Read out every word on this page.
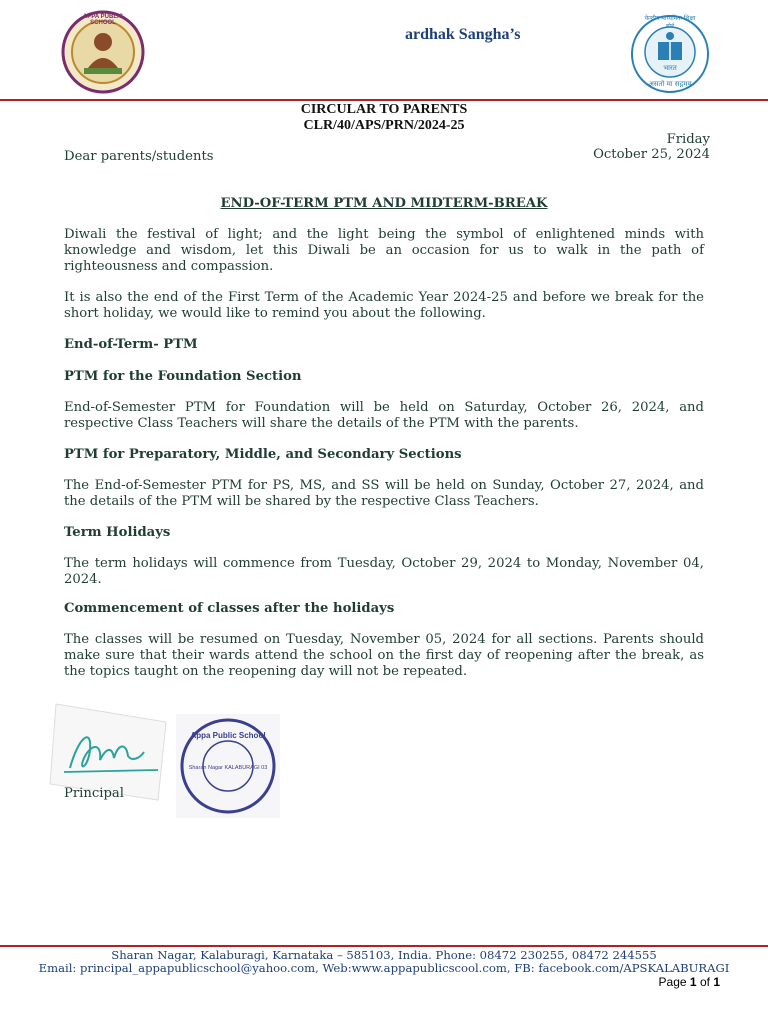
APPA PUBLIC SCHOOL
ardhak Sangha’s
केन्द्रीय माध्यमिक शिक्षा बोर्ड
भारत
असतो मा सद्गमय
CIRCULAR TO PARENTS
CLR/40/APS/PRN/2024-25
Friday
October 25, 2024
Dear parents/students
END-OF-TERM PTM AND MIDTERM-BREAK
Diwali the festival of light; and the light being the symbol of enlightened minds with knowledge and wisdom, let this Diwali be an occasion for us to walk in the path of righteousness and compassion.
It is also the end of the First Term of the Academic Year 2024-25 and before we break for the short holiday, we would like to remind you about the following.
End-of-Term- PTM
PTM for the Foundation Section
End-of-Semester PTM for Foundation will be held on Saturday, October 26, 2024, and respective Class Teachers will share the details of the PTM with the parents.
PTM for Preparatory, Middle, and Secondary Sections
The End-of-Semester PTM for PS, MS, and SS will be held on Sunday, October 27, 2024, and the details of the PTM will be shared by the respective Class Teachers.
Term Holidays
The term holidays will commence from Tuesday, October 29, 2024 to Monday, November 04, 2024.
Commencement of classes after the holidays
The classes will be resumed on Tuesday, November 05, 2024 for all sections. Parents should make sure that their wards attend the school on the first day of reopening after the break, as the topics taught on the reopening day will not be repeated.
Principal
Appa Public School
Sharan Nagar KALABURAGI 03
Sharan Nagar, Kalaburagi, Karnataka – 585103, India. Phone: 08472 230255, 08472 244555
Email: principal_appapublicschool@yahoo.com, Web:www.appapublicscool.com, FB: facebook.com/APSKALABURAGI
Page 1 of 1
